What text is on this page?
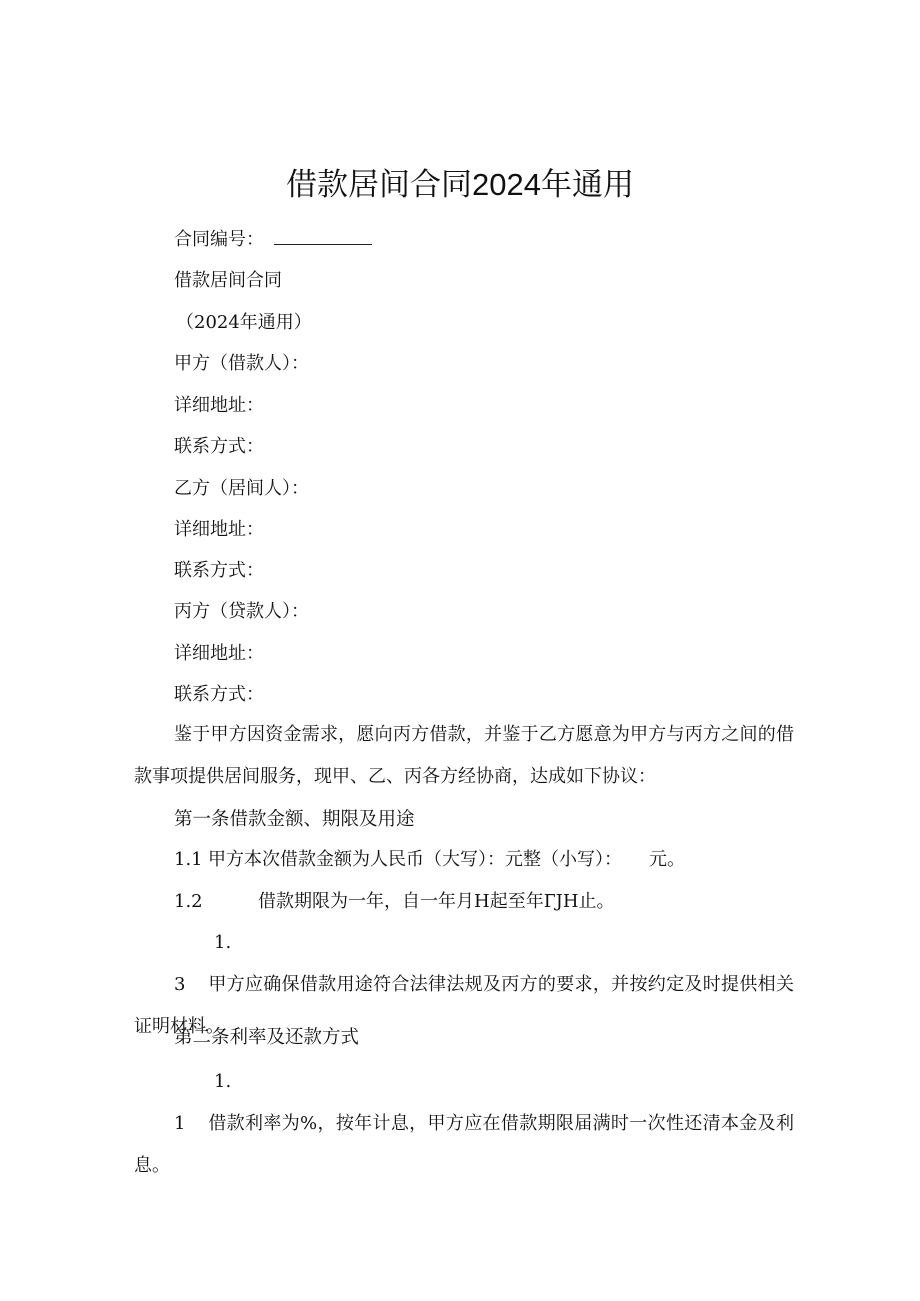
借款居间合同2024年通用
合同编号：
借款居间合同
（2024年通用）
甲方（借款人）：
详细地址：
联系方式：
乙方（居间人）：
详细地址：
联系方式：
丙方（贷款人）：
详细地址：
联系方式：
鉴于甲方因资金需求，愿向丙方借款，并鉴于乙方愿意为甲方与丙方之间的借款事项提供居间服务，现甲、乙、丙各方经协商，达成如下协议：
第一条借款金额、期限及用途
1.1 甲方本次借款金额为人民币（大写）：元整（小写）：　　元。
1.2	借款期限为一年，自一年月H起至年ГJH止。
1.3 甲方应确保借款用途符合法律法规及丙方的要求，并按约定及时提供相关证明材料。
第二条利率及还款方式
1.1 借款利率为%，按年计息，甲方应在借款期限届满时一次性还清本金及利息。
